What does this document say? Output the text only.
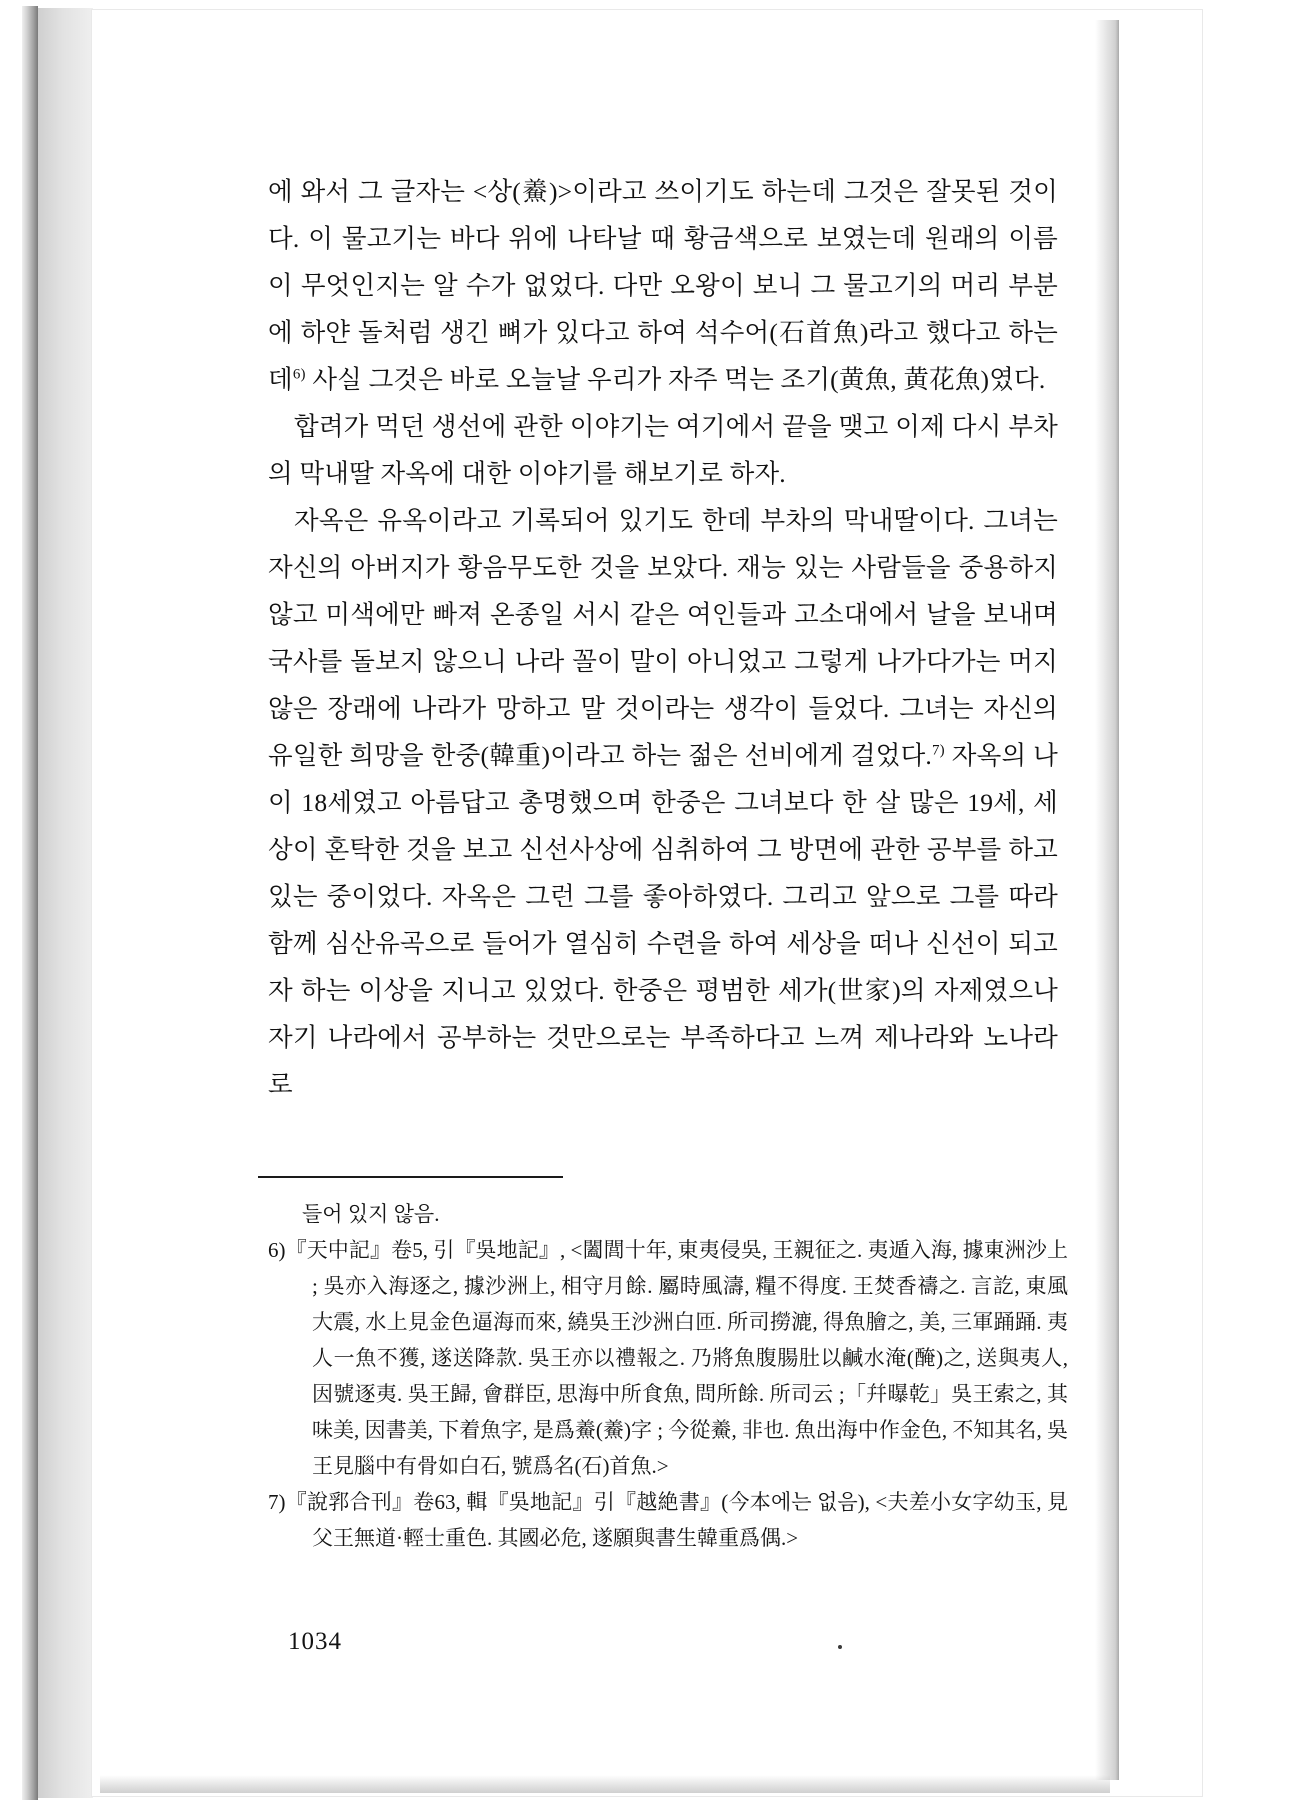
에 와서 그 글자는 <상(鯗)>이라고 쓰이기도 하는데 그것은 잘못된 것이다. 이 물고기는 바다 위에 나타날 때 황금색으로 보였는데 원래의 이름이 무엇인지는 알 수가 없었다. 다만 오왕이 보니 그 물고기의 머리 부분에 하얀 돌처럼 생긴 뼈가 있다고 하여 석수어(石首魚)라고 했다고 하는데$^{6)}$ 사실 그것은 바로 오늘날 우리가 자주 먹는 조기(黄魚, 黄花魚)였다.

합려가 먹던 생선에 관한 이야기는 여기에서 끝을 맺고 이제 다시 부차의 막내딸 자옥에 대한 이야기를 해보기로 하자.

자옥은 유옥이라고 기록되어 있기도 한데 부차의 막내딸이다. 그녀는 자신의 아버지가 황음무도한 것을 보았다. 재능 있는 사람들을 중용하지 않고 미색에만 빠져 온종일 서시 같은 여인들과 고소대에서 날을 보내며 국사를 돌보지 않으니 나라 꼴이 말이 아니었고 그렇게 나가다가는 머지 않은 장래에 나라가 망하고 말 것이라는 생각이 들었다. 그녀는 자신의 유일한 희망을 한중(韓重)이라고 하는 젊은 선비에게 걸었다.$^{7)}$ 자옥의 나이 18세였고 아름답고 총명했으며 한중은 그녀보다 한 살 많은 19세, 세상이 혼탁한 것을 보고 신선사상에 심취하여 그 방면에 관한 공부를 하고 있는 중이었다. 자옥은 그런 그를 좋아하였다. 그리고 앞으로 그를 따라 함께 심산유곡으로 들어가 열심히 수련을 하여 세상을 떠나 신선이 되고자 하는 이상을 지니고 있었다. 한중은 평범한 세가(世家)의 자제였으나 자기 나라에서 공부하는 것만으로는 부족하다고 느껴 제나라와 노나라로

들어 있지 않음.

6)『天中記』卷5, 引『吳地記』, <闔閭十年, 東夷侵吳, 王親征之. 夷遁入海, 據東洲沙上 ; 吳亦入海逐之, 據沙洲上, 相守月餘. 屬時風濤, 糧不得度. 王焚香禱之. 言訖, 東風大震, 水上見金色逼海而來, 繞吳王沙洲白匝. 所司撈漉, 得魚膾之, 美, 三軍踊踊. 夷人一魚不獲, 遂送降款. 吳王亦以禮報之. 乃將魚腹腸肚以鹹水淹(醃)之, 送與夷人, 因號逐夷. 吳王歸, 會群臣, 思海中所食魚, 問所餘. 所司云 ;「幷曝乾」吳王索之, 其味美, 因書美, 下着魚字, 是爲鯗(鯗)字 ; 今從鯗, 非也. 魚出海中作金色, 不知其名, 吳王見腦中有骨如白石, 號爲名(石)首魚.>

7)『說郛合刊』卷63, 輯『吳地記』引『越絶書』(今本에는 없음), <夫差小女字幼玉, 見父王無道·輕士重色. 其國必危, 遂願與書生韓重爲偶.>

1034
